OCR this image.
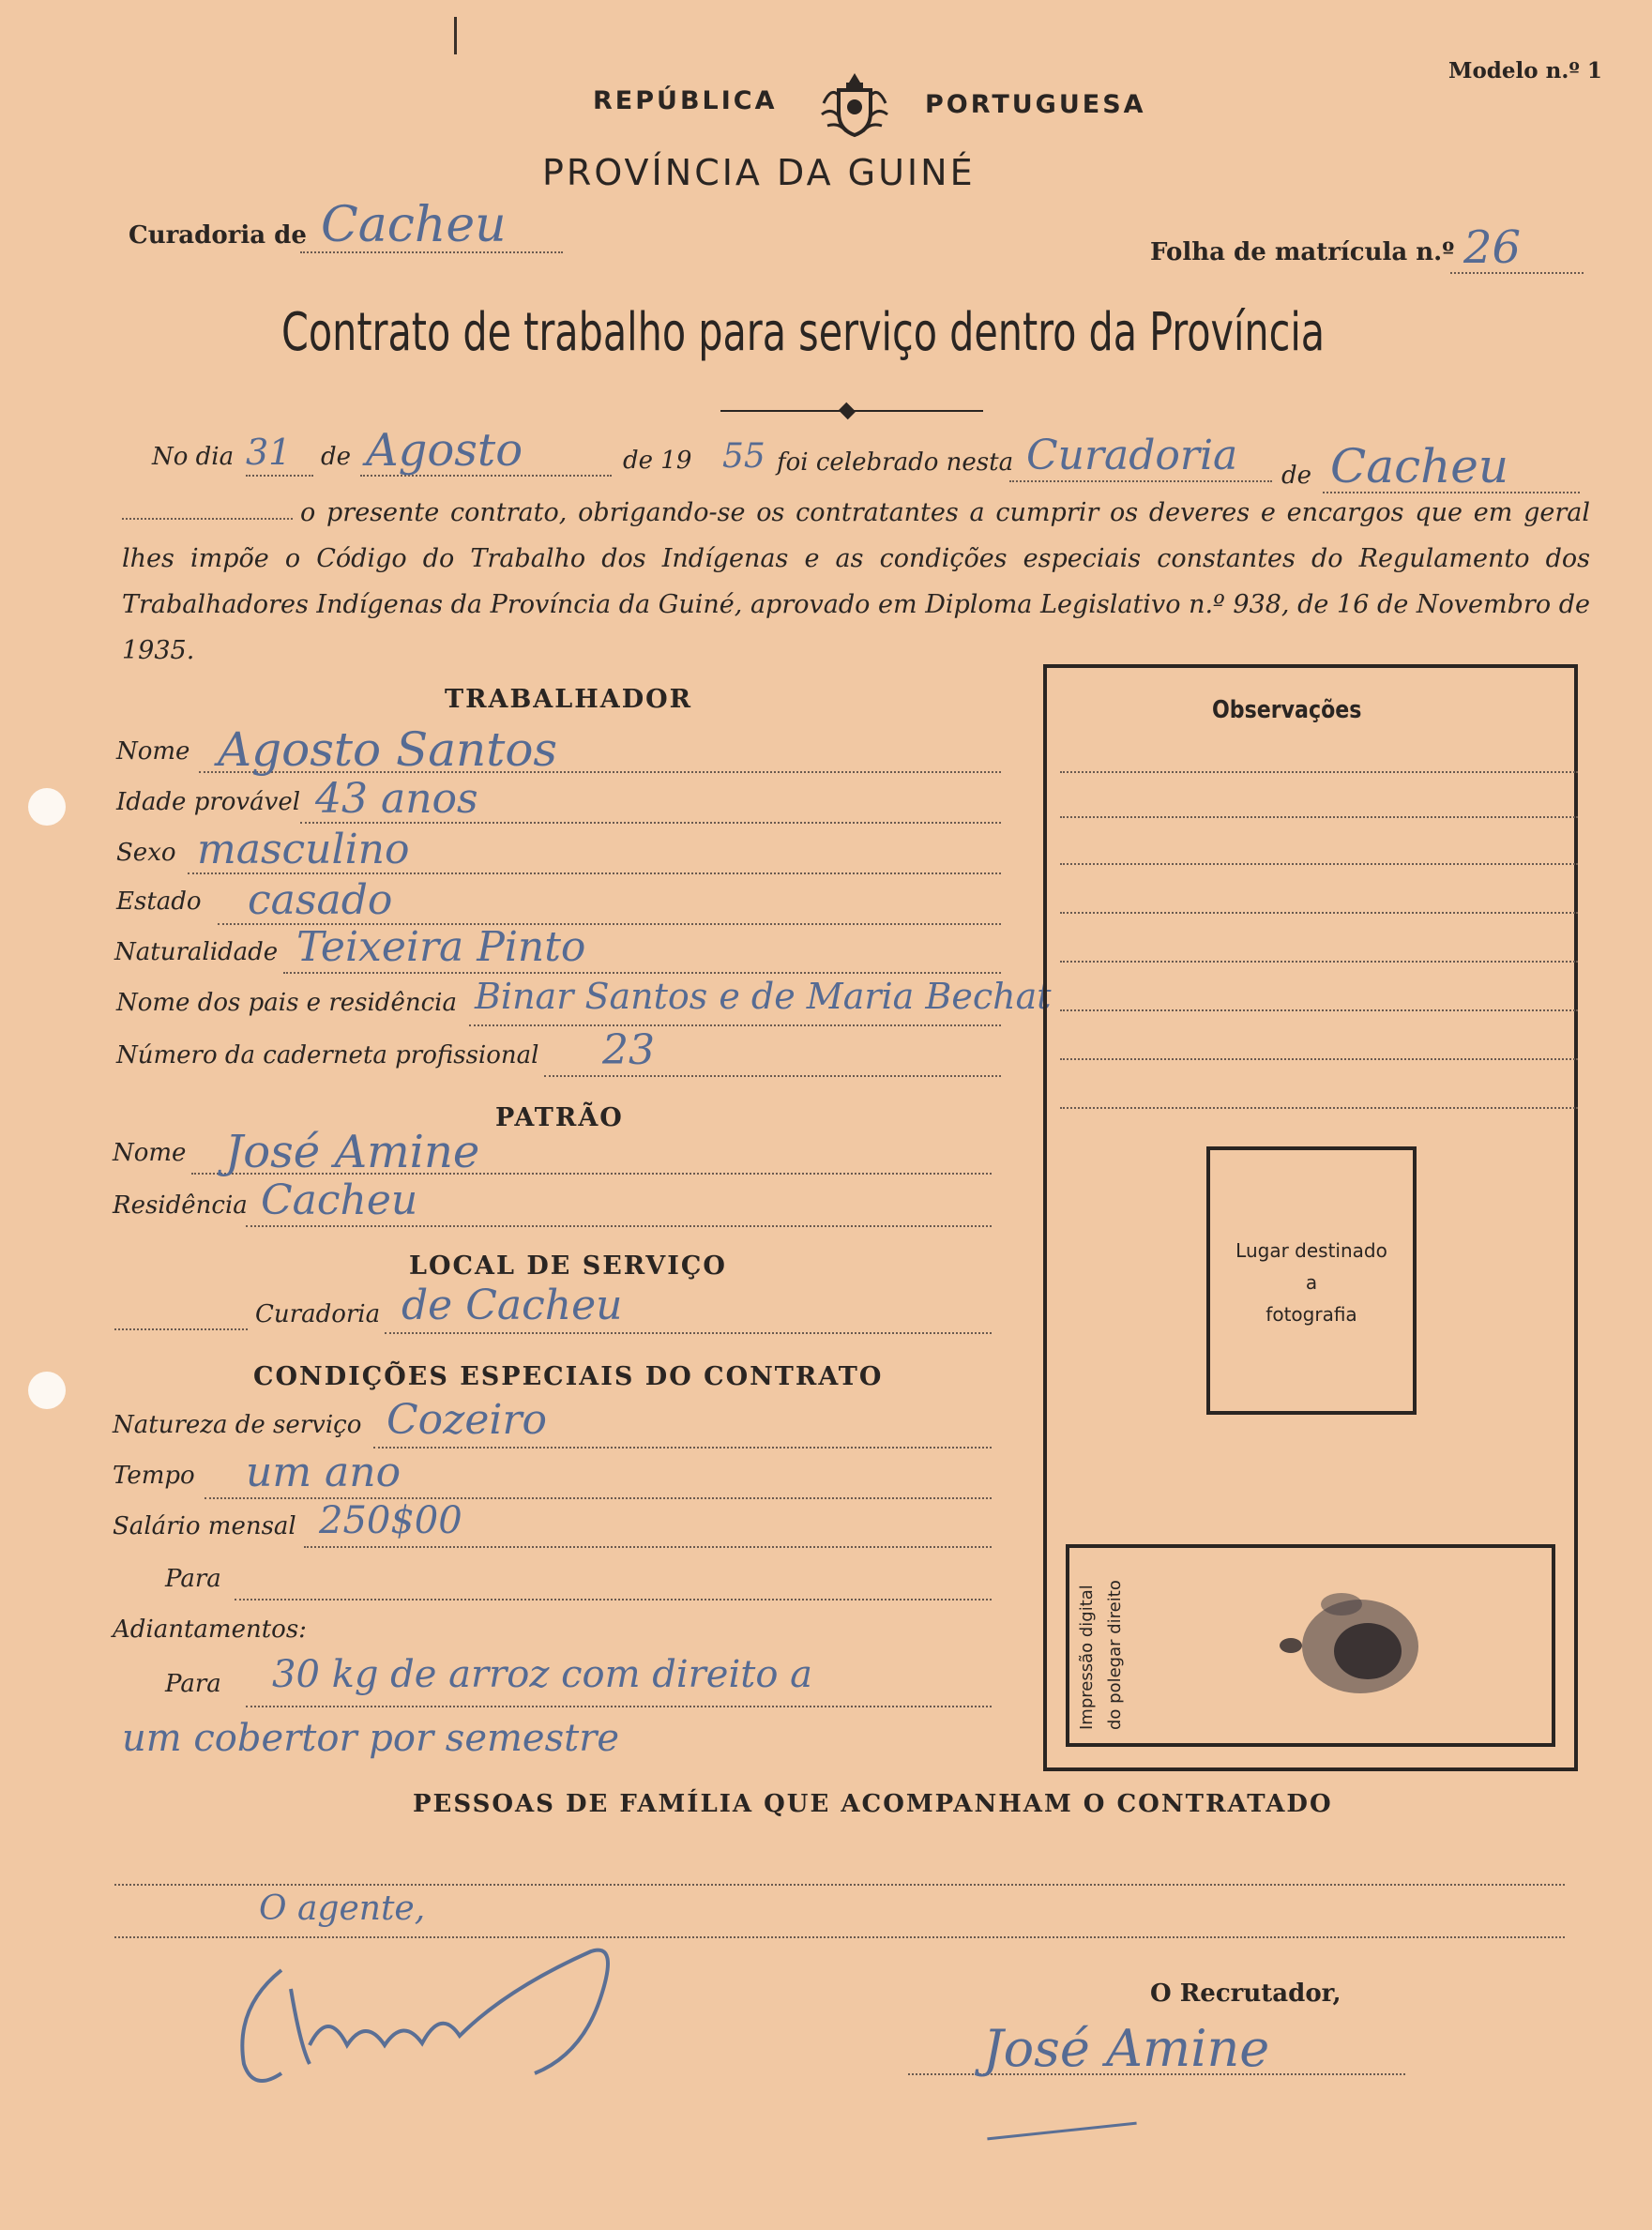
REPÚBLICA	PORTUGUESA
PROVÍNCIA DA GUINÉ
Modelo n.º 1
Curadoria de Cacheu	Folha de matrícula n.º 26
Contrato de trabalho para serviço dentro da Província
No dia 31 de Agosto	de 19 55 foi celebrado nesta Curadoria de Cacheu
o presente contrato, obrigando-se os contratantes a cumprir os deveres e encargos que em geral lhes impõe o Código do Trabalho dos Indígenas e as condições especiais constantes do Regulamento dos Trabalhadores Indígenas da Província da Guiné, aprovado em Diploma Legislativo n.º 938, de 16 de Novembro de 1935.
TRABALHADOR
Nome Agosto Santos
Idade provável 43 anos
Sexo masculino
Estado casado
Naturalidade Teixeira Pinto
Nome dos pais e residência Binar Santos e de Maria Bechat
Número da caderneta profissional 23
PATRÃO
Nome José Amine
Residência Cacheu
LOCAL DE SERVIÇO
Curadoria de Cacheu
CONDIÇÕES ESPECIAIS DO CONTRATO
Natureza de serviço Cozeiro
Tempo um ano
Salário mensal 250$00
Para
Adiantamentos:
Para 30 kg de arroz com direito a
um cobertor por semestre
Observações
Lugar destinado
a
fotografia
Impressão digital do polegar direito
PESSOAS DE FAMÍLIA QUE ACOMPANHAM O CONTRATADO
O agente,
O Recrutador,
José Amine
